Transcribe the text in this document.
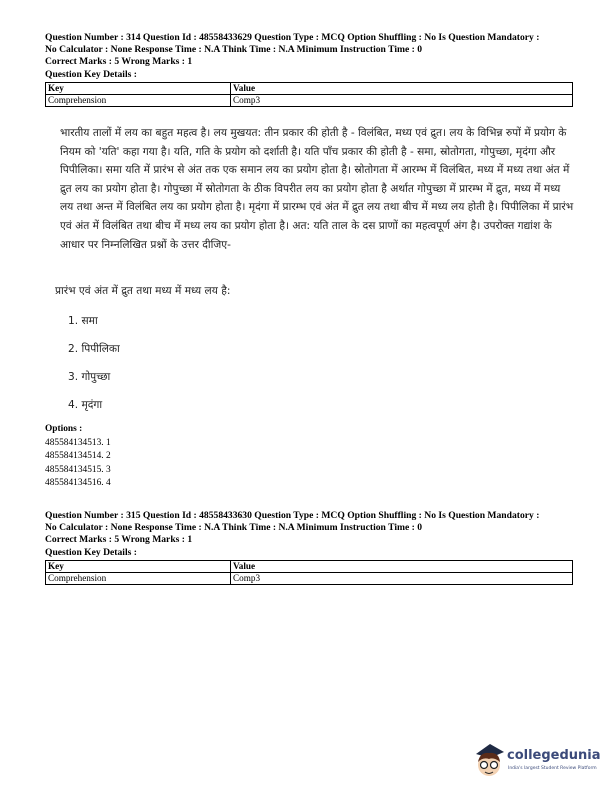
Question Number : 314 Question Id : 48558433629 Question Type : MCQ Option Shuffling : No Is Question Mandatory :
No Calculator : None Response Time : N.A Think Time : N.A Minimum Instruction Time : 0
Correct Marks : 5 Wrong Marks : 1
Question Key Details :
Key	Value
Comprehension	Comp3
भारतीय तालों में लय का बहुत महत्व है। लय मुखयत: तीन प्रकार की होती है - विलंबित, मध्य एवं द्रुत। लय के विभिन्न रुपों में प्रयोग के नियम को 'यति' कहा गया है। यति, गति के प्रयोग को दर्शाती है। यति पाँच प्रकार की होती है - समा, स्रोतोगता, गोपुच्छा, मृदंगा और पिपीलिका। समा यति में प्रारंभ से अंत तक एक समान लय का प्रयोग होता है। स्रोतोगता में आरम्भ में विलंबित, मध्य में मध्य तथा अंत में द्रुत लय का प्रयोग होता है। गोपुच्छा में स्रोतोगता के ठीक विपरीत लय का प्रयोग होता है अर्थात गोपुच्छा में प्रारम्भ में द्रुत, मध्य में मध्य लय तथा अन्त में विलंबित लय का प्रयोग होता है। मृदंगा में प्रारम्भ एवं अंत में द्रुत लय तथा बीच में मध्य लय होती है। पिपीलिका में प्रारंभ एवं अंत में विलंबित तथा बीच में मध्य लय का प्रयोग होता है। अत: यति ताल के दस प्राणों का महत्वपूर्ण अंग है। उपरोक्त गद्यांश के आधार पर निम्नलिखित प्रश्नों के उत्तर दीजिए-
प्रारंभ एवं अंत में द्रुत तथा मध्य में मध्य लय है:
1. समा
2. पिपीलिका
3. गोपुच्छा
4. मृदंगा
Options :
485584134513. 1
485584134514. 2
485584134515. 3
485584134516. 4
Question Number : 315 Question Id : 48558433630 Question Type : MCQ Option Shuffling : No Is Question Mandatory :
No Calculator : None Response Time : N.A Think Time : N.A Minimum Instruction Time : 0
Correct Marks : 5 Wrong Marks : 1
Question Key Details :
Key	Value
Comprehension	Comp3
collegedunia
India's largest Student Review Platform
